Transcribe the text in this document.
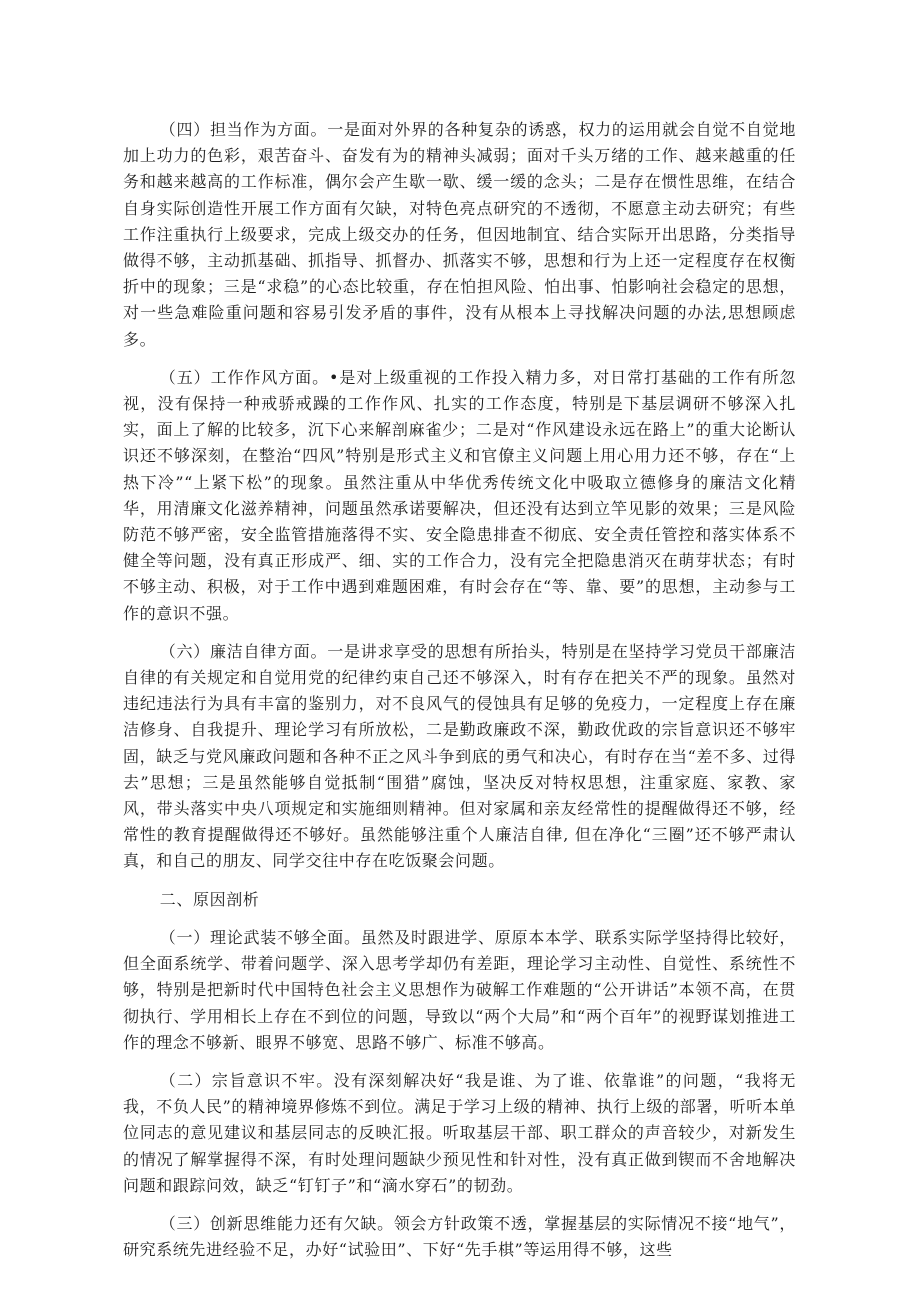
（四）担当作为方面。一是面对外界的各种复杂的诱惑，权力的运用就会自觉不自觉地加上功力的色彩，艰苦奋斗、奋发有为的精神头减弱；面对千头万绪的工作、越来越重的任务和越来越高的工作标准，偶尔会产生歇一歇、缓一缓的念头；二是存在惯性思维，在结合自身实际创造性开展工作方面有欠缺，对特色亮点研究的不透彻，不愿意主动去研究；有些工作注重执行上级要求，完成上级交办的任务，但因地制宜、结合实际开出思路，分类指导做得不够，主动抓基础、抓指导、抓督办、抓落实不够，思想和行为上还一定程度存在权衡折中的现象；三是“求稳”的心态比较重，存在怕担风险、怕出事、怕影响社会稳定的思想，对一些急难险重问题和容易引发矛盾的事件，没有从根本上寻找解决问题的办法,思想顾虑多。

（五）工作作风方面。•是对上级重视的工作投入精力多，对日常打基础的工作有所忽视，没有保持一种戒骄戒躁的工作作风、扎实的工作态度，特别是下基层调研不够深入扎实，面上了解的比较多，沉下心来解剖麻雀少；二是对“作风建设永远在路上”的重大论断认识还不够深刻，在整治“四风”特别是形式主义和官僚主义问题上用心用力还不够，存在“上热下冷”“上紧下松”的现象。虽然注重从中华优秀传统文化中吸取立德修身的廉洁文化精华，用清廉文化滋养精神，问题虽然承诺要解决，但还没有达到立竿见影的效果；三是风险防范不够严密，安全监管措施落得不实、安全隐患排查不彻底、安全责任管控和落实体系不健全等问题，没有真正形成严、细、实的工作合力，没有完全把隐患消灭在萌芽状态；有时不够主动、积极，对于工作中遇到难题困难，有时会存在“等、靠、要”的思想，主动参与工作的意识不强。

（六）廉洁自律方面。一是讲求享受的思想有所抬头，特别是在坚持学习党员干部廉洁自律的有关规定和自觉用党的纪律约束自己还不够深入，时有存在把关不严的现象。虽然对违纪违法行为具有丰富的鉴别力，对不良风气的侵蚀具有足够的免疫力，一定程度上存在廉洁修身、自我提升、理论学习有所放松，二是勤政廉政不深，勤政优政的宗旨意识还不够牢固，缺乏与党风廉政问题和各种不正之风斗争到底的勇气和决心，有时存在当“差不多、过得去”思想；三是虽然能够自觉抵制“围猎”腐蚀，坚决反对特权思想，注重家庭、家教、家风，带头落实中央八项规定和实施细则精神。但对家属和亲友经常性的提醒做得还不够，经常性的教育提醒做得还不够好。虽然能够注重个人廉洁自律, 但在净化“三圈”还不够严肃认真，和自己的朋友、同学交往中存在吃饭聚会问题。

二、原因剖析

（一）理论武装不够全面。虽然及时跟进学、原原本本学、联系实际学坚持得比较好，但全面系统学、带着问题学、深入思考学却仍有差距，理论学习主动性、自觉性、系统性不够，特别是把新时代中国特色社会主义思想作为破解工作难题的“公开讲话”本领不高，在贯彻执行、学用相长上存在不到位的问题，导致以“两个大局”和“两个百年”的视野谋划推进工作的理念不够新、眼界不够宽、思路不够广、标准不够高。

（二）宗旨意识不牢。没有深刻解决好“我是谁、为了谁、依靠谁”的问题，“我将无我，不负人民”的精神境界修炼不到位。满足于学习上级的精神、执行上级的部署，听听本单位同志的意见建议和基层同志的反映汇报。听取基层干部、职工群众的声音较少，对新发生的情况了解掌握得不深，有时处理问题缺少预见性和针对性，没有真正做到锲而不舍地解决问题和跟踪问效，缺乏“钉钉子”和“滴水穿石”的韧劲。

（三）创新思维能力还有欠缺。领会方针政策不透，掌握基层的实际情况不接“地气”，研究系统先进经验不足，办好“试验田”、下好“先手棋”等运用得不够，这些
